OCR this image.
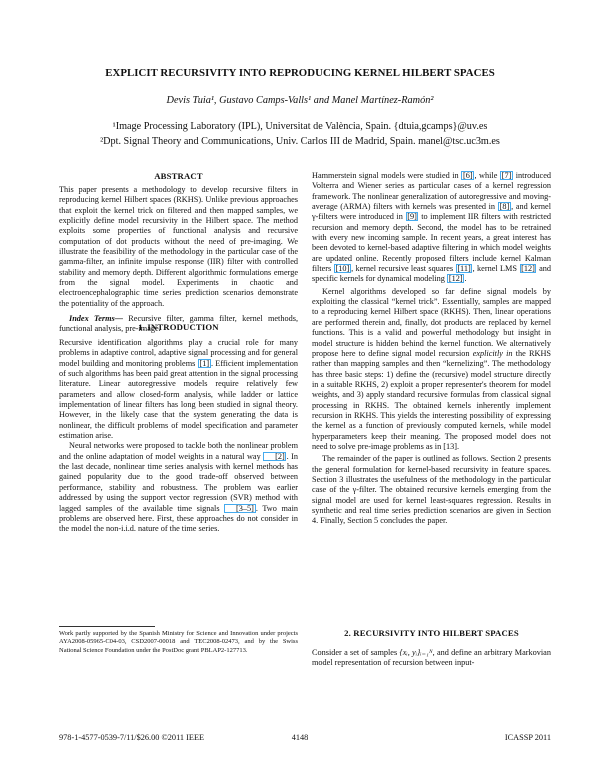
EXPLICIT RECURSIVITY INTO REPRODUCING KERNEL HILBERT SPACES
Devis Tuia¹, Gustavo Camps-Valls¹ and Manel Martínez-Ramón²
¹Image Processing Laboratory (IPL), Universitat de València, Spain. {dtuia,gcamps}@uv.es
²Dpt. Signal Theory and Communications, Univ. Carlos III de Madrid, Spain. manel@tsc.uc3m.es
ABSTRACT

This paper presents a methodology to develop recursive filters in reproducing kernel Hilbert spaces (RKHS). Unlike previous approaches that exploit the kernel trick on filtered and then mapped samples, we explicitly define model recursivity in the Hilbert space. The method exploits some properties of functional analysis and recursive computation of dot products without the need of pre-imaging. We illustrate the feasibility of the methodology in the particular case of the gamma-filter, an infinite impulse response (IIR) filter with controlled stability and memory depth. Different algorithmic formulations emerge from the signal model. Experiments in chaotic and electroencephalographic time series prediction scenarios demonstrate the potentiality of the approach.

Index Terms— Recursive filter, gamma filter, kernel methods, functional analysis, pre-image.

1. INTRODUCTION

Recursive identification algorithms play a crucial role for many problems in adaptive control, adaptive signal processing and for general model building and monitoring problems [1] . Efficient implementation of such algorithms has been paid great attention in the signal processing literature. Linear autoregressive models require relatively few parameters and allow closed-form analysis, while ladder or lattice implementation of linear filters has long been studied in signal theory. However, in the likely case that the system generating the data is nonlinear, the difficult problems of model specification and parameter estimation arise.

Neural networks were proposed to tackle both the nonlinear problem and the online adaptation of model weights in a natural way [2] . In the last decade, nonlinear time series analysis with kernel methods has gained popularity due to the good trade-off observed between performance, stability and robustness. The problem was earlier addressed by using the support vector regression (SVR) method with lagged samples of the available time signals [3–5] . Two main problems are observed here. First, these approaches do not consider in the model the non-i.i.d. nature of the time series.

Work partly supported by the Spanish Ministry for Science and Innovation under projects AYA2008-05965-C04-03, CSD2007-00018 and TEC2008-02473, and by the Swiss National Science Foundation under the PostDoc grant PBLAP2-127713.

Hammerstein signal models were studied in [6] , while [7] introduced Volterra and Wiener series as particular cases of a kernel regression framework. The nonlinear generalization of autoregressive and moving-average (ARMA) filters with kernels was presented in [8] , and kernel γ-filters were introduced in [9] to implement IIR filters with restricted recursion and memory depth. Second, the model has to be retrained with every new incoming sample. In recent years, a great interest has been devoted to kernel-based adaptive filtering in which model weights are updated online. Recently proposed filters include kernel Kalman filters [10] , kernel recursive least squares [11] , kernel LMS [12] and specific kernels for dynamical modeling [12] .

Kernel algorithms developed so far define signal models by exploiting the classical “kernel trick”. Essentially, samples are mapped to a reproducing kernel Hilbert space (RKHS). Then, linear operations are performed therein and, finally, dot products are replaced by kernel functions. This is a valid and powerful methodology but insight in model structure is hidden behind the kernel function. We alternatively propose here to define signal model recursion explicitly in the RKHS rather than mapping samples and then “kernelizing”. The methodology has three basic steps: 1) define the (recursive) model structure directly in a suitable RKHS, 2) exploit a proper representer's theorem for model weights, and 3) apply standard recursive formulas from classical signal processing in RKHS. The obtained kernels inherently implement recursion in RKHS. This yields the interesting possibility of expressing the kernel as a function of previously computed kernels, while model hyperparameters keep their meaning. The proposed model does not need to solve pre-image problems as in [13].

The remainder of the paper is outlined as follows. Section 2 presents the general formulation for kernel-based recursivity in feature spaces. Section 3 illustrates the usefulness of the methodology in the particular case of the γ-filter. The obtained recursive kernels emerging from the signal model are used for kernel least-squares regression. Results in synthetic and real time series prediction scenarios are given in Section 4. Finally, Section 5 concludes the paper.

2. RECURSIVITY INTO HILBERT SPACES

Consider a set of samples {xᵢ, yᵢ}ᵢ₌₁ᴺ, and define an arbitrary Markovian model representation of recursion between input-

978-1-4577-0539-7/11/$26.00 ©2011 IEEE	4148	ICASSP 2011
